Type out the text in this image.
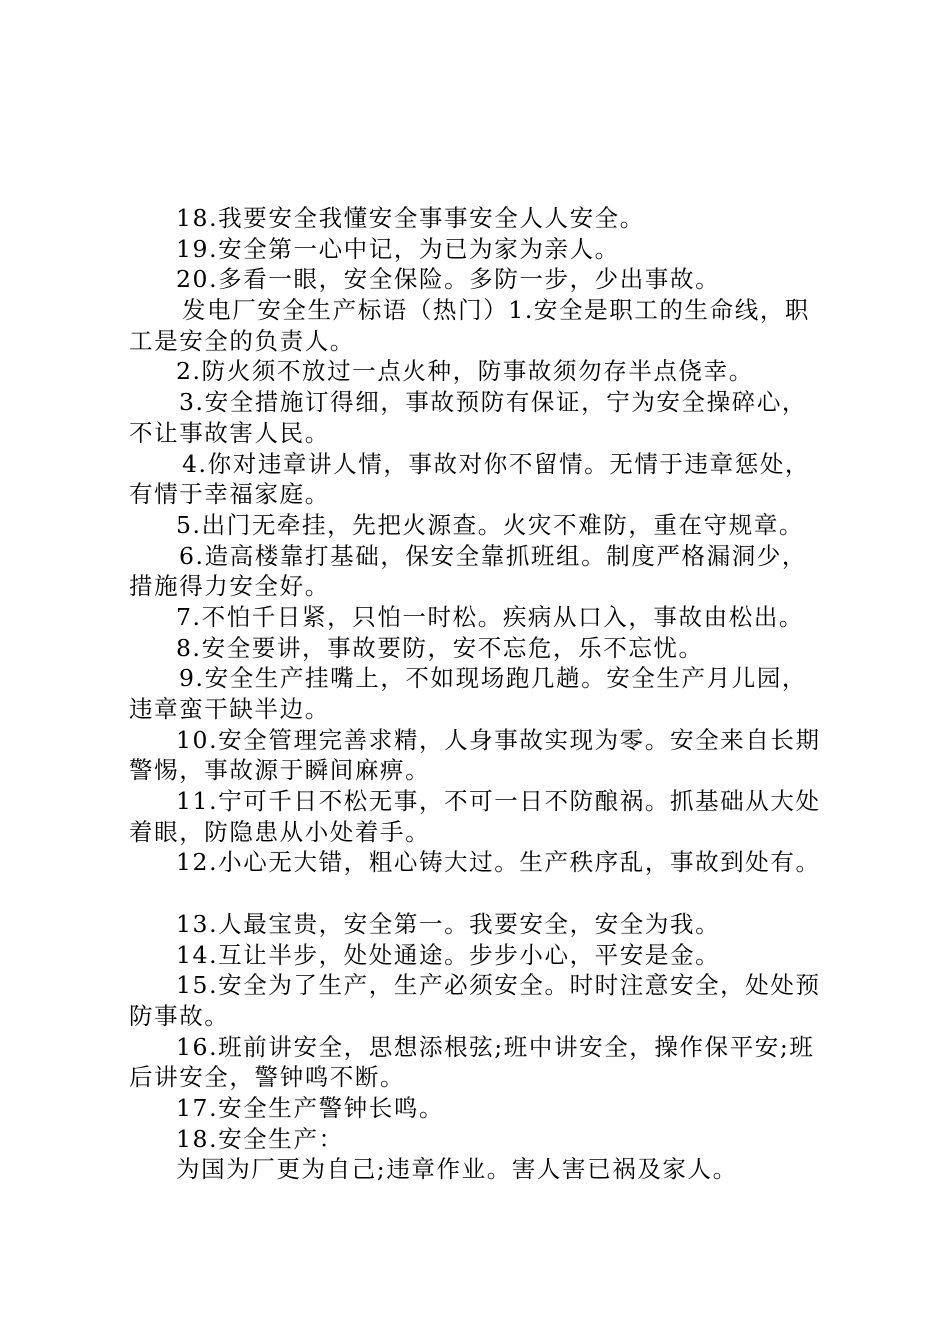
18.我要安全我懂安全事事安全人人安全。
19.安全第一心中记，为已为家为亲人。
20.多看一眼，安全保险。多防一步，少出事故。
发电厂安全生产标语（热门）1.安全是职工的生命线，职
工是安全的负责人。
2.防火须不放过一点火种，防事故须勿存半点侥幸。
3.安全措施订得细，事故预防有保证，宁为安全操碎心，
不让事故害人民。
4.你对违章讲人情，事故对你不留情。无情于违章惩处，
有情于幸福家庭。
5.出门无牵挂，先把火源查。火灾不难防，重在守规章。
6.造高楼靠打基础，保安全靠抓班组。制度严格漏洞少，
措施得力安全好。
7.不怕千日紧，只怕一时松。疾病从口入，事故由松出。
8.安全要讲，事故要防，安不忘危，乐不忘忧。
9.安全生产挂嘴上，不如现场跑几趟。安全生产月儿园，
违章蛮干缺半边。
10.安全管理完善求精，人身事故实现为零。安全来自长期
警惕，事故源于瞬间麻痹。
11.宁可千日不松无事，不可一日不防酿祸。抓基础从大处
着眼，防隐患从小处着手。
12.小心无大错，粗心铸大过。生产秩序乱，事故到处有。
13.人最宝贵，安全第一。我要安全，安全为我。
14.互让半步，处处通途。步步小心，平安是金。
15.安全为了生产，生产必须安全。时时注意安全，处处预
防事故。
16.班前讲安全，思想添根弦;班中讲安全，操作保平安;班
后讲安全，警钟鸣不断。
17.安全生产警钟长鸣。
18.安全生产：
为国为厂更为自己;违章作业。害人害已祸及家人。
